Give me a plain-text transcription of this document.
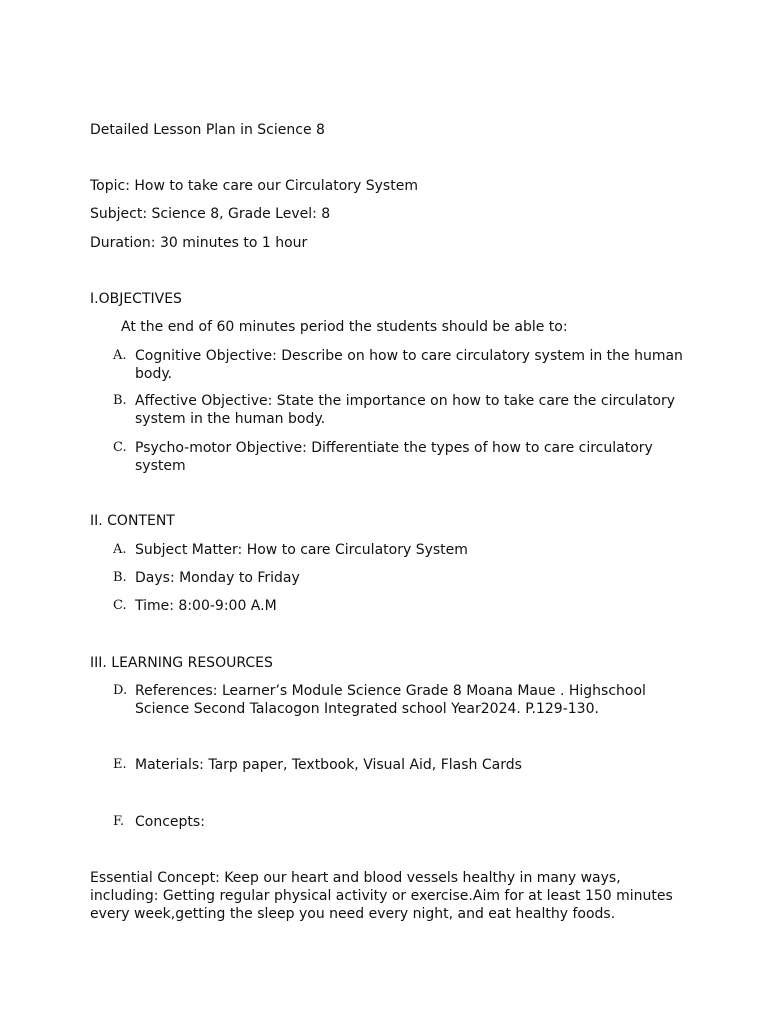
Detailed Lesson Plan in Science 8
Topic: How to take care our Circulatory System
Subject: Science 8, Grade Level: 8
Duration: 30 minutes to 1 hour
I.OBJECTIVES
At the end of 60 minutes period the students should be able to:
A. Cognitive Objective: Describe on how to care circulatory system in the human body.
B. Affective Objective: State the importance on how to take care the circulatory system in the human body.
C. Psycho-motor Objective: Differentiate the types of how to care circulatory system
II. CONTENT
A. Subject Matter: How to care Circulatory System
B. Days: Monday to Friday
C. Time: 8:00-9:00 A.M
III. LEARNING RESOURCES
D. References: Learner’s Module Science Grade 8 Moana Maue . Highschool Science Second Talacogon Integrated school Year2024. P.129-130.
E. Materials: Tarp paper, Textbook, Visual Aid, Flash Cards
F. Concepts:
Essential Concept: Keep our heart and blood vessels healthy in many ways, including: Getting regular physical activity or exercise.Aim for at least 150 minutes every week,getting the sleep you need every night, and eat healthy foods.
